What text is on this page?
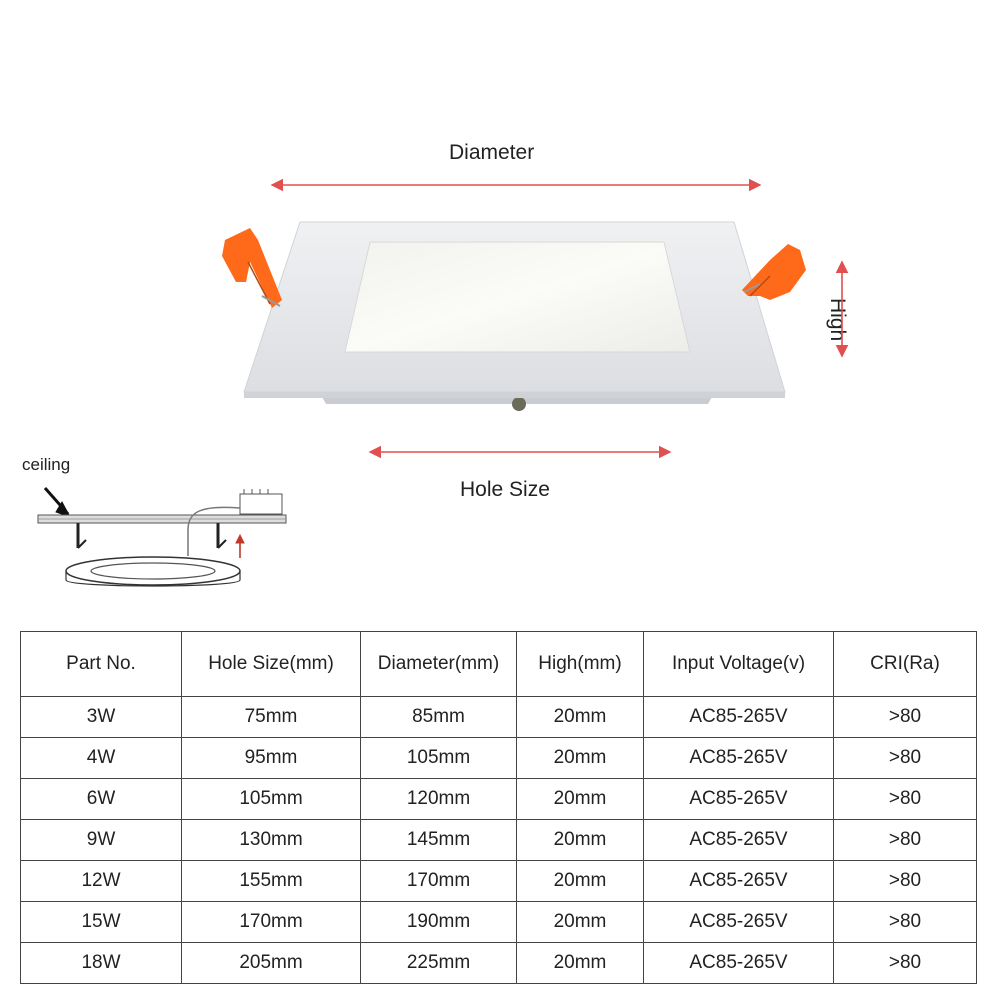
Diameter
Hole Size
High
ceiling
Part No.	Hole Size(mm)	Diameter(mm)	High(mm)	Input Voltage(v)	CRI(Ra)
3W	75mm	85mm	20mm	AC85-265V	>80
4W	95mm	105mm	20mm	AC85-265V	>80
6W	105mm	120mm	20mm	AC85-265V	>80
9W	130mm	145mm	20mm	AC85-265V	>80
12W	155mm	170mm	20mm	AC85-265V	>80
15W	170mm	190mm	20mm	AC85-265V	>80
18W	205mm	225mm	20mm	AC85-265V	>80
